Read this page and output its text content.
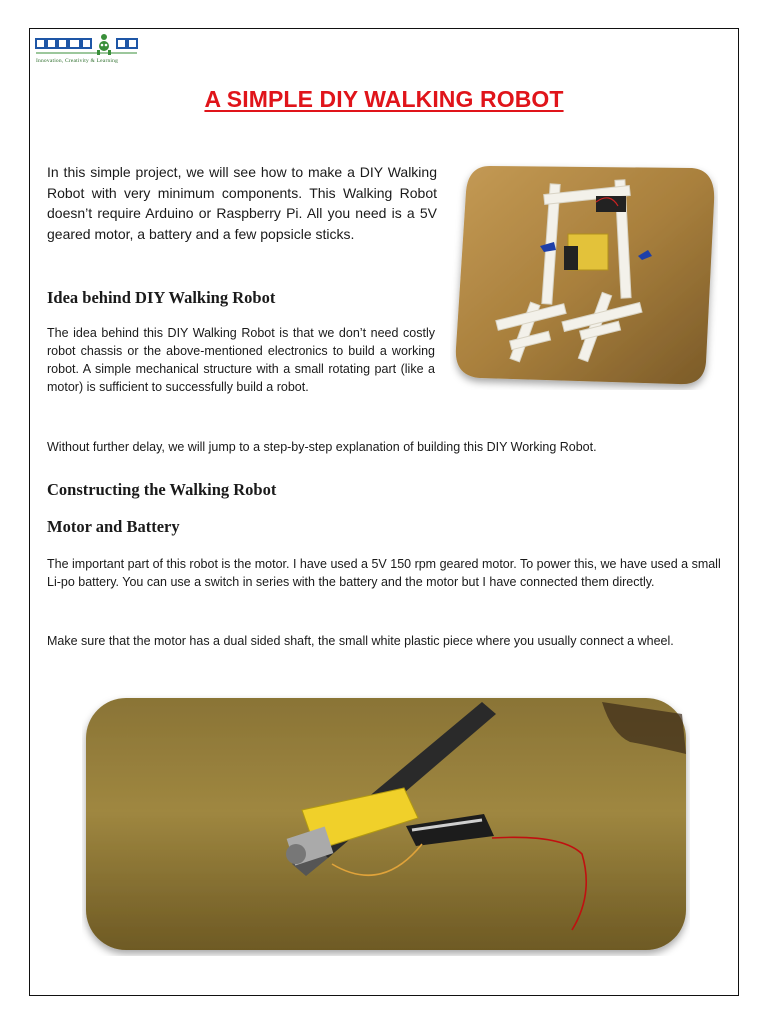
Innovation, Creativity & Learning
A SIMPLE DIY WALKING ROBOT

In this simple project, we will see how to make a DIY Walking Robot with very minimum components. This Walking Robot doesn’t require Arduino or Raspberry Pi. All you need is a 5V geared motor, a battery and a few popsicle sticks.

Idea behind DIY Walking Robot

The idea behind this DIY Walking Robot is that we don’t need costly robot chassis or the above-mentioned electronics to build a working robot. A simple mechanical structure with a small rotating part (like a motor) is sufficient to successfully build a robot.

Without further delay, we will jump to a step-by-step explanation of building this DIY Working Robot.

Constructing the Walking Robot
Motor and Battery

The important part of this robot is the motor. I have used a 5V 150 rpm geared motor. To power this, we have used a small Li-po battery. You can use a switch in series with the battery and the motor but I have connected them directly.

Make sure that the motor has a dual sided shaft, the small white plastic piece where you usually connect a wheel.
